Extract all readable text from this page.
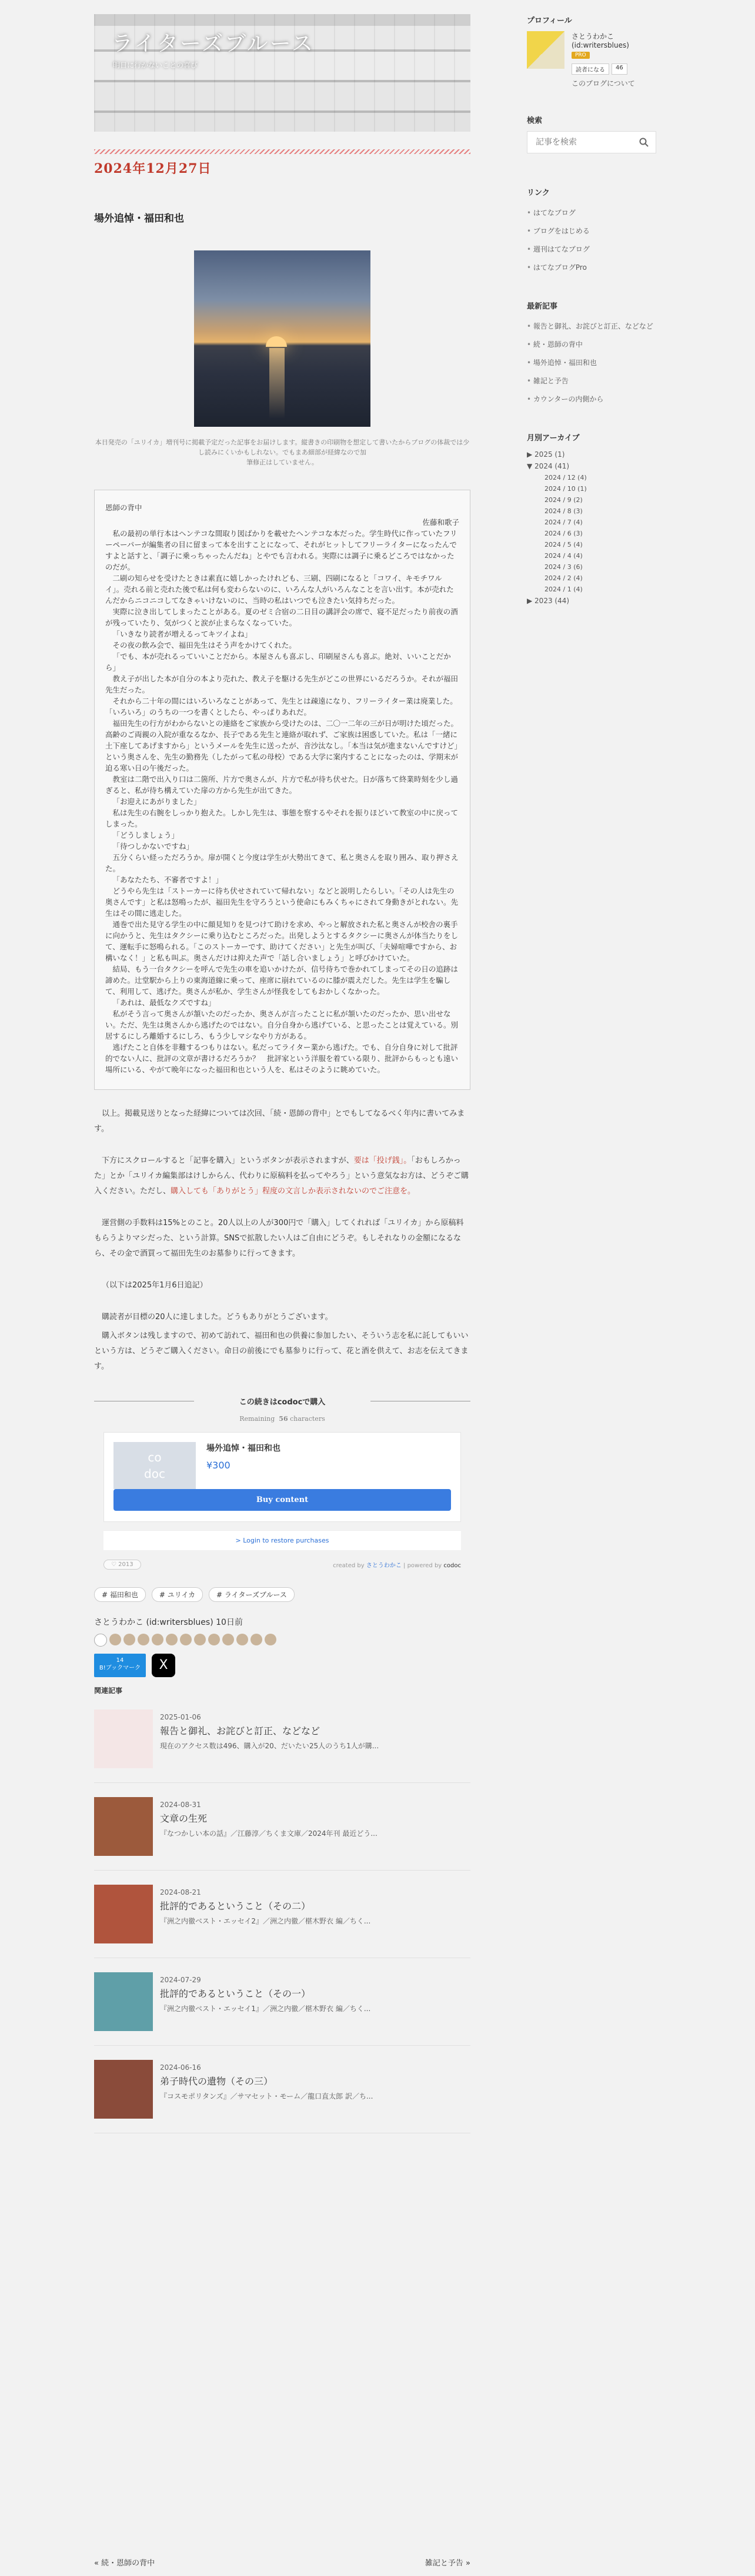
ライターズブルース
明日に行かないことの喜び
2024年12月27日
場外追悼・福田和也
本日発売の「ユリイカ」増刊号に掲載予定だった記事をお届けします。縦書きの印刷物を想定して書いたからブログの体裁では少し読みにくいかもしれない。でもまあ細部が経緯なので加
筆修正はしていません。
恩師の背中
佐藤和歌子

私の最初の単行本はヘンテコな間取り図ばかりを載せたヘンテコな本だった。学生時代に作っていたフリーペーパーが編集者の目に留まって本を出すことになって、それがヒットしてフリーライターになったんですよと話すと、「調子に乗っちゃったんだね」とやでも言われる。実際には調子に乗るどころではなかったのだが。

二刷の知らせを受けたときは素直に嬉しかったけれども、三刷、四刷になると「コワイ、キモチワルイ」。売れる前と売れた後で私は何も変わらないのに、いろんな人がいろんなことを言い出す。本が売れたんだからニコニコしてなきゃいけないのに、当時の私はいつでも泣きたい気持ちだった。

実際に泣き出してしまったことがある。夏のゼミ合宿の二日目の講評会の席で、寝不足だったり前夜の酒が残っていたり、気がつくと涙が止まらなくなっていた。

「いきなり読者が増えるってキツイよね」

その夜の飲み会で、福田先生はそう声をかけてくれた。

「でも、本が売れるっていいことだから。本屋さんも喜ぶし、印刷屋さんも喜ぶ。絶対、いいことだから」

教え子が出した本が自分の本より売れた、教え子を駆ける先生がどこの世界にいるだろうか。それが福田先生だった。

それから二十年の間にはいろいろなことがあって、先生とは疎遠になり、フリーライター業は廃業した。「いろいろ」のうちの一つを書くとしたら、やっぱりあれだ。

福田先生の行方がわからないとの連絡をご家族から受けたのは、二〇一二年の三が日が明けた頃だった。高齢のご両親の入院が重なるなか、長子である先生と連絡が取れず、ご家族は困惑していた。私は「一緒に土下座してあげますから」というメールを先生に送ったが、音沙汰なし。「本当は気が進まないんですけど」という奥さんを、先生の勤務先（したがって私の母校）である大学に案内することになったのは、学期末が迫る寒い日の午後だった。

教室は二階で出入り口は二箇所、片方で奥さんが、片方で私が待ち伏せた。日が落ちて終業時刻を少し過ぎると、私が待ち構えていた扉の方から先生が出てきた。

「お迎えにあがりました」

私は先生の右腕をしっかり抱えた。しかし先生は、事態を察するやそれを振りほどいて教室の中に戻ってしまった。

「どうしましょう」

「待つしかないですね」

五分くらい経っただろうか。扉が開くと今度は学生が大勢出てきて、私と奥さんを取り囲み、取り押さえた。

「あなたたち、不審者ですよ！」

どうやら先生は「ストーカーに待ち伏せされていて帰れない」などと説明したらしい。「その人は先生の奥さんです」と私は怒鳴ったが、福田先生を守ろうという使命にもみくちゃにされて身動きがとれない。先生はその間に逃走した。

通巻で出た見守る学生の中に顔見知りを見つけて助けを求め、やっと解放された私と奥さんが校舎の裏手に向かうと、先生はタクシーに乗り込むところだった。出発しようとするタクシーに奥さんが体当たりをして、運転手に怒鳴られる。「このストーカーです、助けてください」と先生が叫び、「夫婦喧嘩ですから、お構いなく！」と私も叫ぶ。奥さんだけは抑えた声で「話し合いましょう」と呼びかけていた。

結局、もう一台タクシーを呼んで先生の車を追いかけたが、信号待ちで巻かれてしまってその日の追跡は諦めた。辻堂駅から上りの東海道線に乗って、座席に崩れているのに膝が震えだした。先生は学生を騙して、利用して、逃げた。奥さんが私か、学生さんが怪我をしてもおかしくなかった。

「あれは、最低なクズですね」

私がそう言って奥さんが頷いたのだったか、奥さんが言ったことに私が頷いたのだったか、思い出せない。ただ、先生は奥さんから逃げたのではない。自分自身から逃げている、と思ったことは覚えている。別居するにしろ離婚するにしろ、もう少しマシなやり方がある。

逃げたこと自体を非難するつもりはない。私だってライター業から逃げた。でも、自分自身に対して批評的でない人に、批評の文章が書けるだろうか？　批評家という洋服を着ている限り、批評からもっとも遠い場所にいる、やがて晩年になった福田和也という人を、私はそのように眺めていた。

以上。掲載見送りとなった経緯については次回、「続・恩師の背中」とでもしてなるべく年内に書いてみます。

下方にスクロールすると「記事を購入」というボタンが表示されますが、要は「投げ銭」。「おもしろかった」とか「ユリイカ編集部はけしからん、代わりに原稿料を払ってやろう」という意気なお方は、どうぞご購入ください。ただし、購入しても「ありがとう」程度の文言しか表示されないのでご注意を。

運営側の手数料は15%とのこと。20人以上の人が300円で「購入」してくれれば「ユリイカ」から原稿料もらうよりマシだった、という計算。SNSで拡散したい人はご自由にどうぞ。もしそれなりの金額になるなら、その金で酒買って福田先生のお墓参りに行ってきます。

（以下は2025年1月6日追記）

購読者が目標の20人に達しました。どうもありがとうございます。

購入ボタンは残しますので、初めて訪れて、福田和也の供養に参加したい、そういう志を私に託してもいいという方は、どうぞご購入ください。命日の前後にでも墓参りに行って、花と酒を供えて、お志を伝えてきます。

この続きはcodocで購入
Remaining 56 characters
co
doc
場外追悼・福田和也
¥300
Buy content
> Login to restore purchases
♡ 2013	created by さとうわかこ | powered by codoc
# 福田和也	# ユリイカ	# ライターズブルース
さとうわかこ (id:writersblues) 10日前
14
B!ブックマーク	X
関連記事
2025-01-06
報告と御礼、お詫びと訂正、などなど
現在のアクセス数は496、購入が20、だいたい25人のうち1人が購...
2024-08-31
文章の生死
『なつかしい本の話』／江藤淳／ちくま文庫／2024年刊 最近どう...
2024-08-21
批評的であるということ（その二）
『洲之内徹ベスト・エッセイ2』／洲之内徹／椹木野衣 編／ちく...
2024-07-29
批評的であるということ（その一）
『洲之内徹ベスト・エッセイ1』／洲之内徹／椹木野衣 編／ちく...
2024-06-16
弟子時代の遺物（その三）
『コスモポリタンズ』／サマセット・モーム／龍口直太郎 訳／ち...
« 続・恩師の背中	雑記と予告 »
プロフィール
さとうわかこ
(id:writersblues)
PRO
読者になる	46
このブログについて
検索
記事を検索
リンク
• はてなブログ
• ブログをはじめる
• 週刊はてなブログ
• はてなブログPro
最新記事
• 報告と御礼、お詫びと訂正、などなど
• 続・恩師の背中
• 場外追悼・福田和也
• 雑記と予告
• カウンターの内側から
月別アーカイブ
▶ 2025 (1)
▼ 2024 (41)
2024 / 12 (4)
2024 / 10 (1)
2024 / 9 (2)
2024 / 8 (3)
2024 / 7 (4)
2024 / 6 (3)
2024 / 5 (4)
2024 / 4 (4)
2024 / 3 (6)
2024 / 2 (4)
2024 / 1 (4)
▶ 2023 (44)
